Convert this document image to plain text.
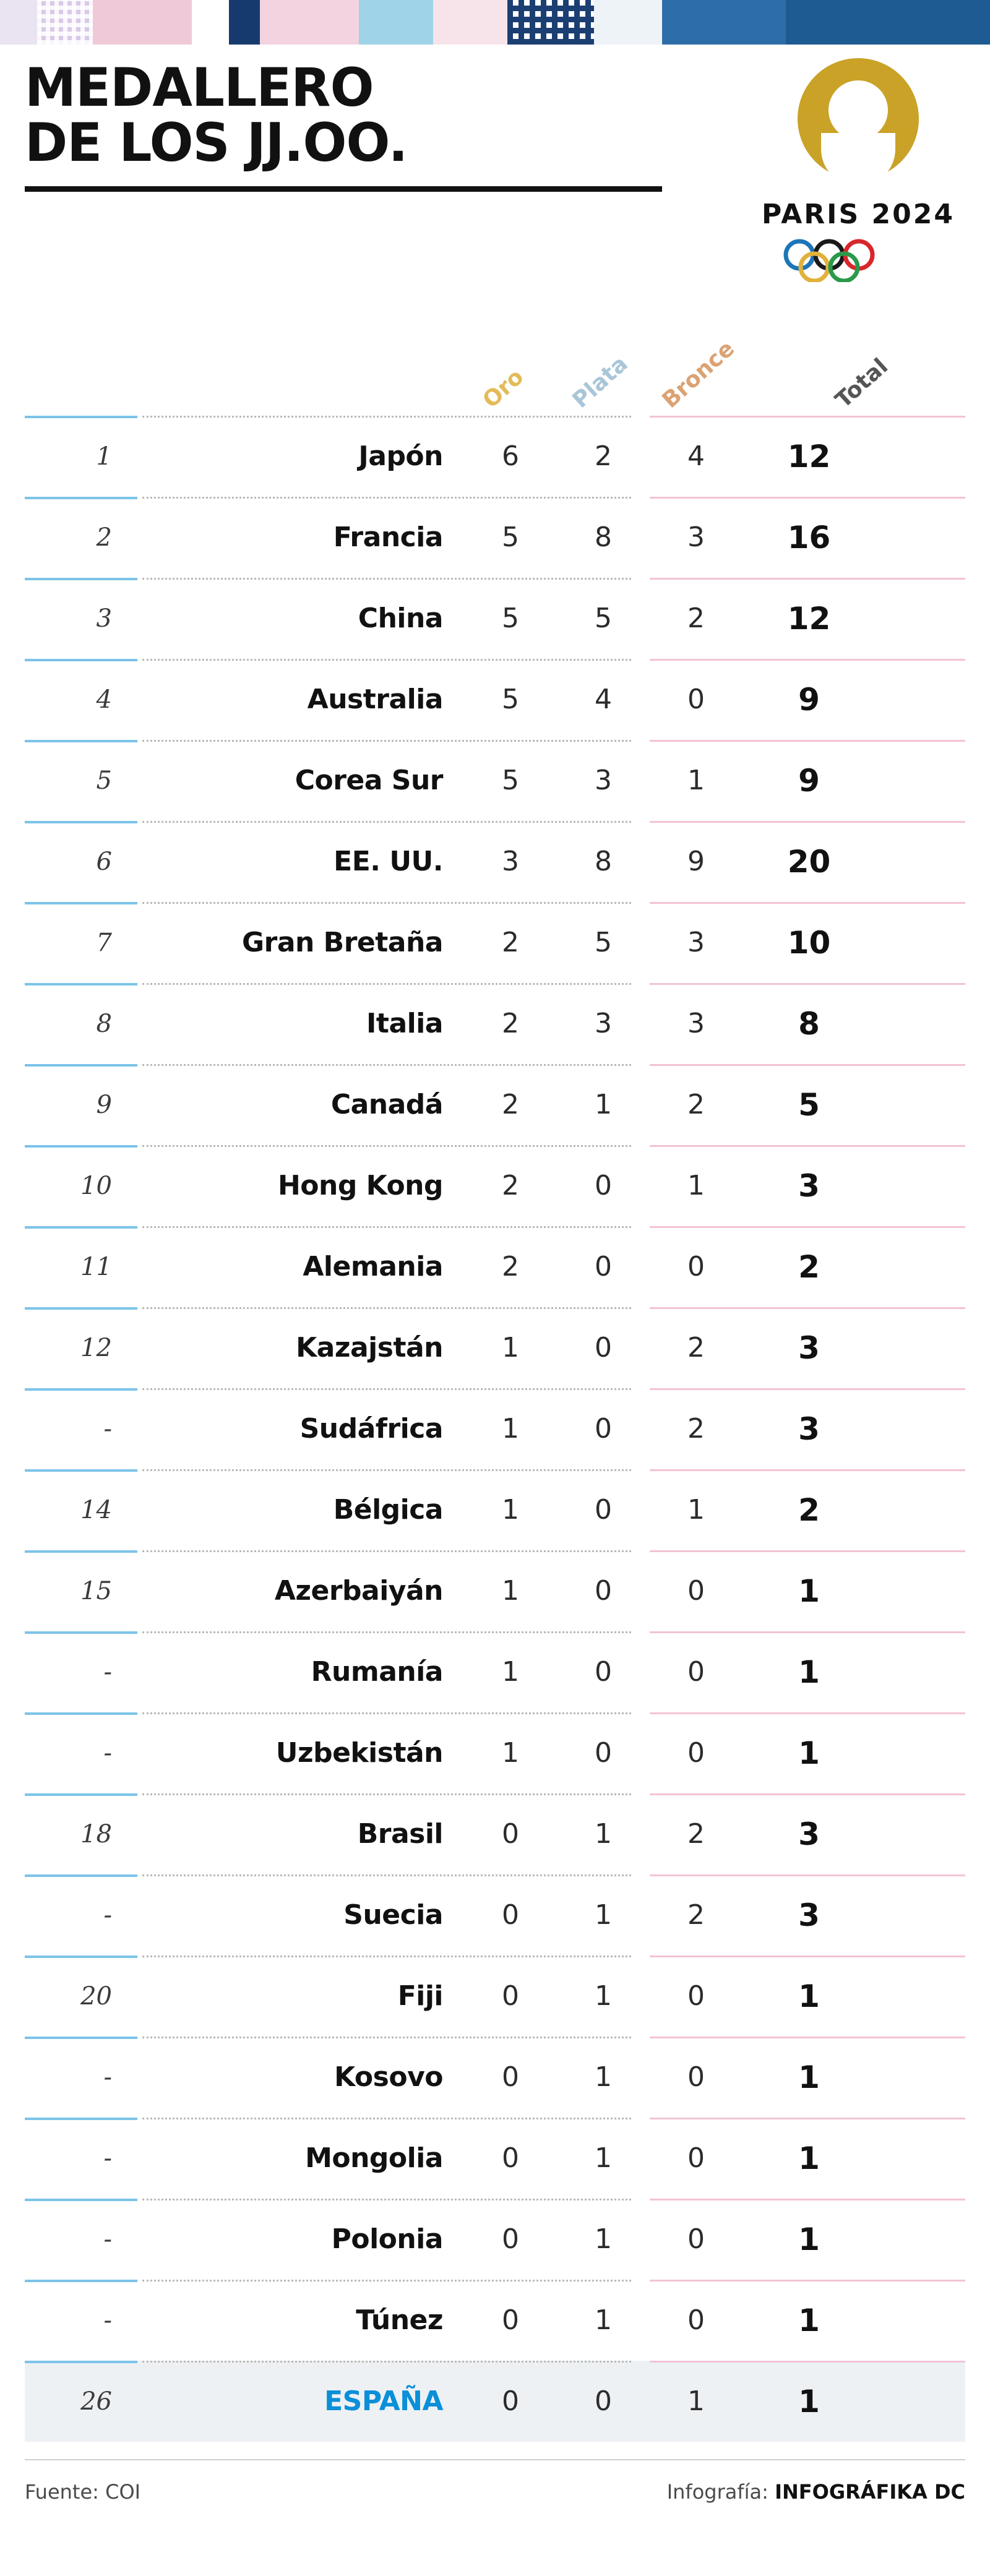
MEDALLERO
DE LOS JJ.OO.
PARIS 2024
Oro Plata Bronce	Total
1	Japón	6	2	4	12
2	Francia	5	8	3	16
3	China	5	5	2	12
4	Australia	5	4	0	9
5	Corea Sur	5	3	1	9
6	EE. UU.	3	8	9	20
7	Gran Bretaña	2	5	3	10
8	Italia	2	3	3	8
9	Canadá	2	1	2	5
10	Hong Kong	2	0	1	3
11	Alemania	2	0	0	2
12	Kazajstán	1	0	2	3
-	Sudáfrica	1	0	2	3
14	Bélgica	1	0	1	2
15	Azerbaiyán	1	0	0	1
-	Rumanía	1	0	0	1
-	Uzbekistán	1	0	0	1
18	Brasil	0	1	2	3
-	Suecia	0	1	2	3
20	Fiji	0	1	0	1
-	Kosovo	0	1	0	1
-	Mongolia	0	1	0	1
-	Polonia	0	1	0	1
-	Túnez	0	1	0	1
26	ESPAÑA	0	0	1	1
Fuente: COI	Infografía: INFOGRÁFIKA DC
